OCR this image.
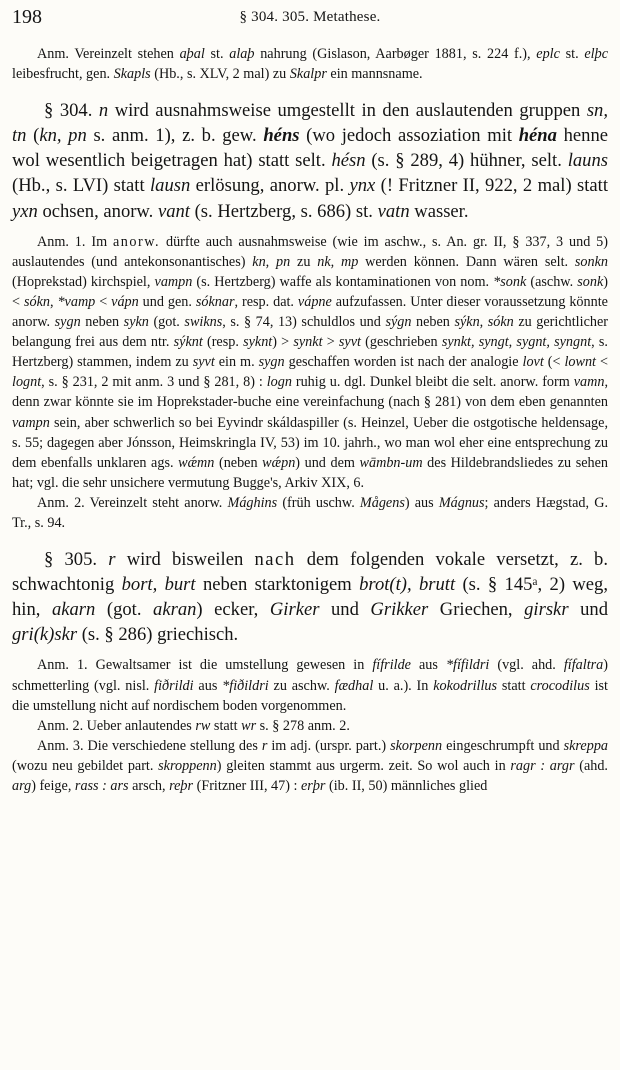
198	§ 304. 305. Metathese.

Anm. Vereinzelt stehen aþal st. alaþ nahrung (Gislason, Aarbøger 1881, s. 224 f.), eplc st. elþc leibesfrucht, gen. Skapls (Hb., s. XLV, 2 mal) zu Skalpr ein mannsname.

§ 304. n wird ausnahmsweise umgestellt in den auslautenden gruppen sn, tn (kn, pn s. anm. 1), z. b. gew. héns (wo jedoch assoziation mit héna henne wol wesentlich beigetragen hat) statt selt. hésn (s. § 289, 4) hühner, selt. launs (Hb., s. LVI) statt lausn erlösung, anorw. pl. ynx (! Fritzner II, 922, 2 mal) statt yxn ochsen, anorw. vant (s. Hertzberg, s. 686) st. vatn wasser.

Anm. 1. Im anorw. dürfte auch ausnahmsweise (wie im aschw., s. An. gr. II, § 337, 3 und 5) auslautendes (und antekonsonantisches) kn, pn zu nk, mp werden können. Dann wären selt. sonkn (Hoprekstad) kirchspiel, vampn (s. Hertzberg) waffe als kontaminationen von nom. *sonk (aschw. sonk) < sókn, *vamp < vápn und gen. sóknar, resp. dat. vápne aufzufassen. Unter dieser voraussetzung könnte anorw. sygn neben sykn (got. swikns, s. § 74, 13) schuldlos und sýgn neben sýkn, sókn zu gerichtlicher belangung frei aus dem ntr. sýknt (resp. syknt) > synkt > syvt (geschrieben synkt, syngt, sygnt, syngnt, s. Hertzberg) stammen, indem zu syvt ein m. sygn geschaffen worden ist nach der analogie lovt (< lownt < lognt, s. § 231, 2 mit anm. 3 und § 281, 8) : logn ruhig u. dgl. Dunkel bleibt die selt. anorw. form vamn, denn zwar könnte sie im Hoprekstader-buche eine vereinfachung (nach § 281) von dem eben genannten vampn sein, aber schwerlich so bei Eyvindr skáldaspiller (s. Heinzel, Ueber die ostgotische heldensage, s. 55; dagegen aber Jónsson, Heimskringla IV, 53) im 10. jahrh., wo man wol eher eine entsprechung zu dem ebenfalls unklaren ags. wǽmn (neben wǽpn) und dem wāmbn-um des Hildebrandsliedes zu sehen hat; vgl. die sehr unsichere vermutung Bugge's, Arkiv XIX, 6.

Anm. 2. Vereinzelt steht anorw. Mághins (früh uschw. Mågens) aus Mágnus; anders Hægstad, G. Tr., s. 94.

§ 305. r wird bisweilen nach dem folgenden vokale versetzt, z. b. schwachtonig bort, burt neben starktonigem brot(t), brutt (s. § 145ᵃ, 2) weg, hin, akarn (got. akran) ecker, Girker und Grikker Griechen, girskr und gri(k)skr (s. § 286) griechisch.

Anm. 1. Gewaltsamer ist die umstellung gewesen in fífrilde aus *fífildri (vgl. ahd. fífaltra) schmetterling (vgl. nisl. fiðrildi aus *fiðildri zu aschw. fædhal u. a.). In kokodrillus statt crocodilus ist die umstellung nicht auf nordischem boden vorgenommen.

Anm. 2. Ueber anlautendes rw statt wr s. § 278 anm. 2.

Anm. 3. Die verschiedene stellung des r im adj. (urspr. part.) skorpenn eingeschrumpft und skreppa (wozu neu gebildet part. skroppenn) gleiten stammt aus urgerm. zeit. So wol auch in ragr : argr (ahd. arg) feige, rass : ars arsch, reþr (Fritzner III, 47) : erþr (ib. II, 50) männliches glied
